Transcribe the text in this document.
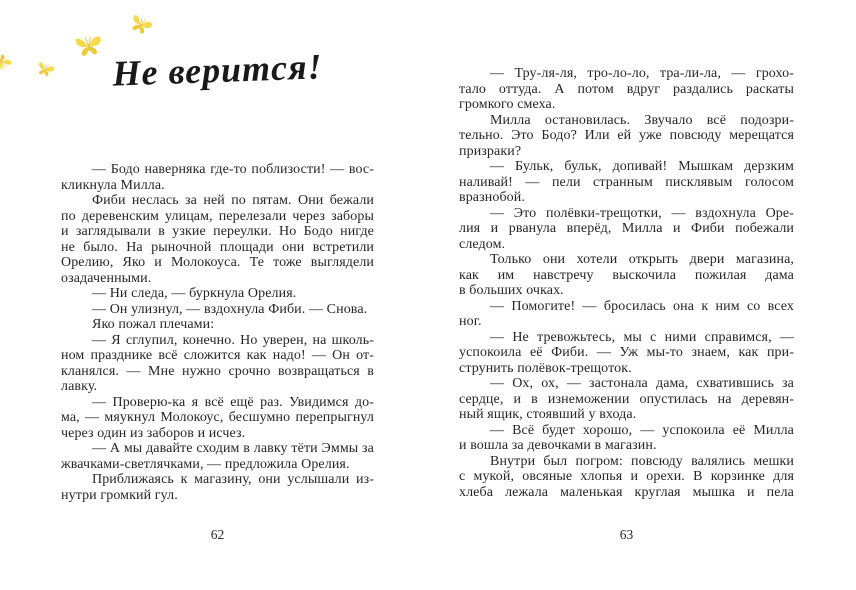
Не верится!
— Бодо наверняка где-то поблизости! — вос-
кликнула Милла.
Фиби неслась за ней по пятам. Они бежали
по деревенским улицам, перелезали через заборы
и заглядывали в узкие переулки. Но Бодо нигде
не было. На рыночной площади они встретили
Орелию, Яко и Молокоуса. Те тоже выглядели
озадаченными.
— Ни следа, — буркнула Орелия.
— Он улизнул, — вздохнула Фиби. — Снова.
Яко пожал плечами:
— Я сглупил, конечно. Но уверен, на школь-
ном празднике всё сложится как надо! — Он от-
кланялся. — Мне нужно срочно возвращаться в
лавку.
— Проверю-ка я всё ещё раз. Увидимся до-
ма, — мяукнул Молокоус, бесшумно перепрыгнул
через один из заборов и исчез.
— А мы давайте сходим в лавку тёти Эммы за
жвачками-светлячками, — предложила Орелия.
Приближаясь к магазину, они услышали из-
нутри громкий гул.
62
— Тру-ля-ля, тро-ло-ло, тра-ли-ла, — грохо-
тало оттуда. А потом вдруг раздались раскаты
громкого смеха.
Милла остановилась. Звучало всё подозри-
тельно. Это Бодо? Или ей уже повсюду мерещатся
призраки?
— Бульк, бульк, допивай! Мышкам дерзким
наливай! — пели странным писклявым голосом
вразнобой.
— Это полёвки-трещотки, — вздохнула Оре-
лия и рванула вперёд, Милла и Фиби побежали
следом.
Только они хотели открыть двери магазина,
как им навстречу выскочила пожилая дама
в больших очках.
— Помогите! — бросилась она к ним со всех
ног.
— Не тревожьтесь, мы с ними справимся, —
успокоила её Фиби. — Уж мы-то знаем, как при-
струнить полёвок-трещоток.
— Ох, ох, — застонала дама, схватившись за
сердце, и в изнеможении опустилась на деревян-
ный ящик, стоявший у входа.
— Всё будет хорошо, — успокоила её Милла
и вошла за девочками в магазин.
Внутри был погром: повсюду валялись мешки
с мукой, овсяные хлопья и орехи. В корзинке для
хлеба лежала маленькая круглая мышка и пела
63
